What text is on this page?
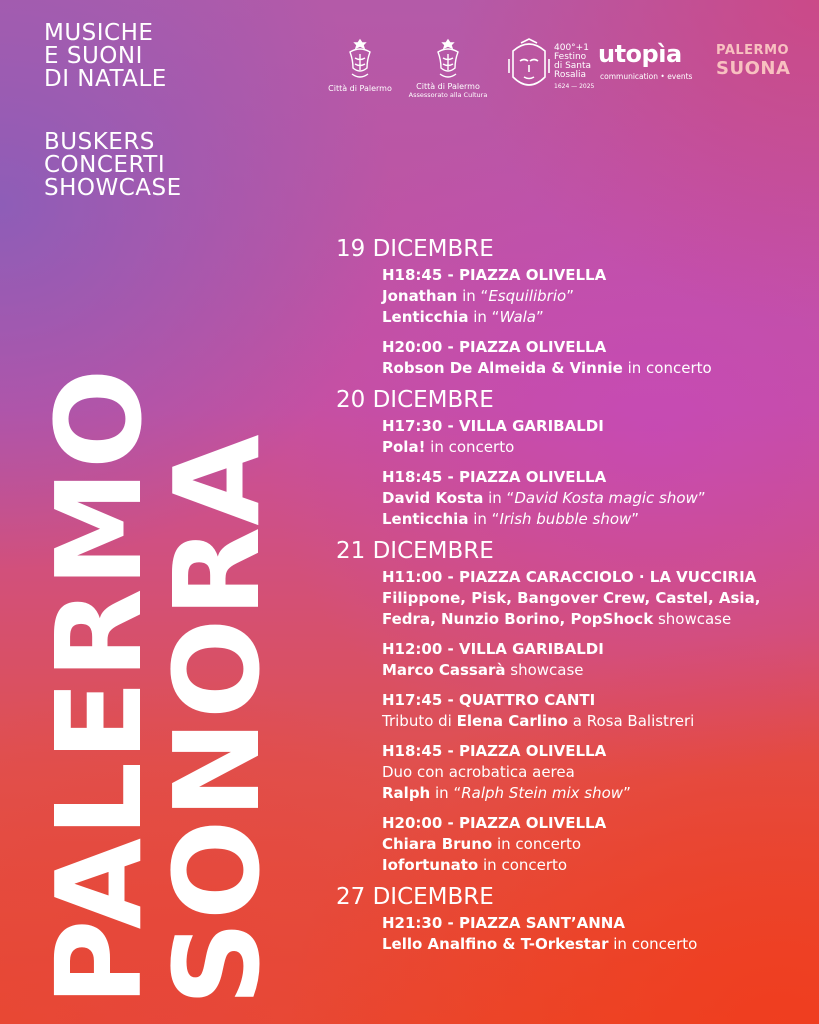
MUSICHE
E SUONI
DI NATALE
BUSKERS
CONCERTI
SHOWCASE
Città di Palermo	Città di Palermo
Assessorato alla Cultura
400°+1
Festino
di Santa
Rosalia
1624 — 2025
utopìa
communication • events
PALERMO
SUONA
PALERMO
SONORA
19 DICEMBRE
H18:45 - PIAZZA OLIVELLA
Jonathan in “Esquilibrio”
Lenticchia in “Wala”
H20:00 - PIAZZA OLIVELLA
Robson De Almeida & Vinnie in concerto
20 DICEMBRE
H17:30 - VILLA GARIBALDI
Pola! in concerto
H18:45 - PIAZZA OLIVELLA
David Kosta in “David Kosta magic show”
Lenticchia in “Irish bubble show”
21 DICEMBRE
H11:00 - PIAZZA CARACCIOLO · LA VUCCIRIA
Filippone, Pisk, Bangover Crew, Castel, Asia,
Fedra, Nunzio Borino, PopShock showcase
H12:00 - VILLA GARIBALDI
Marco Cassarà showcase
H17:45 - QUATTRO CANTI
Tributo di Elena Carlino a Rosa Balistreri
H18:45 - PIAZZA OLIVELLA
Duo con acrobatica aerea
Ralph in “Ralph Stein mix show”
H20:00 - PIAZZA OLIVELLA
Chiara Bruno in concerto
Iofortunato in concerto
27 DICEMBRE
H21:30 - PIAZZA SANT’ANNA
Lello Analfino & T-Orkestar in concerto
